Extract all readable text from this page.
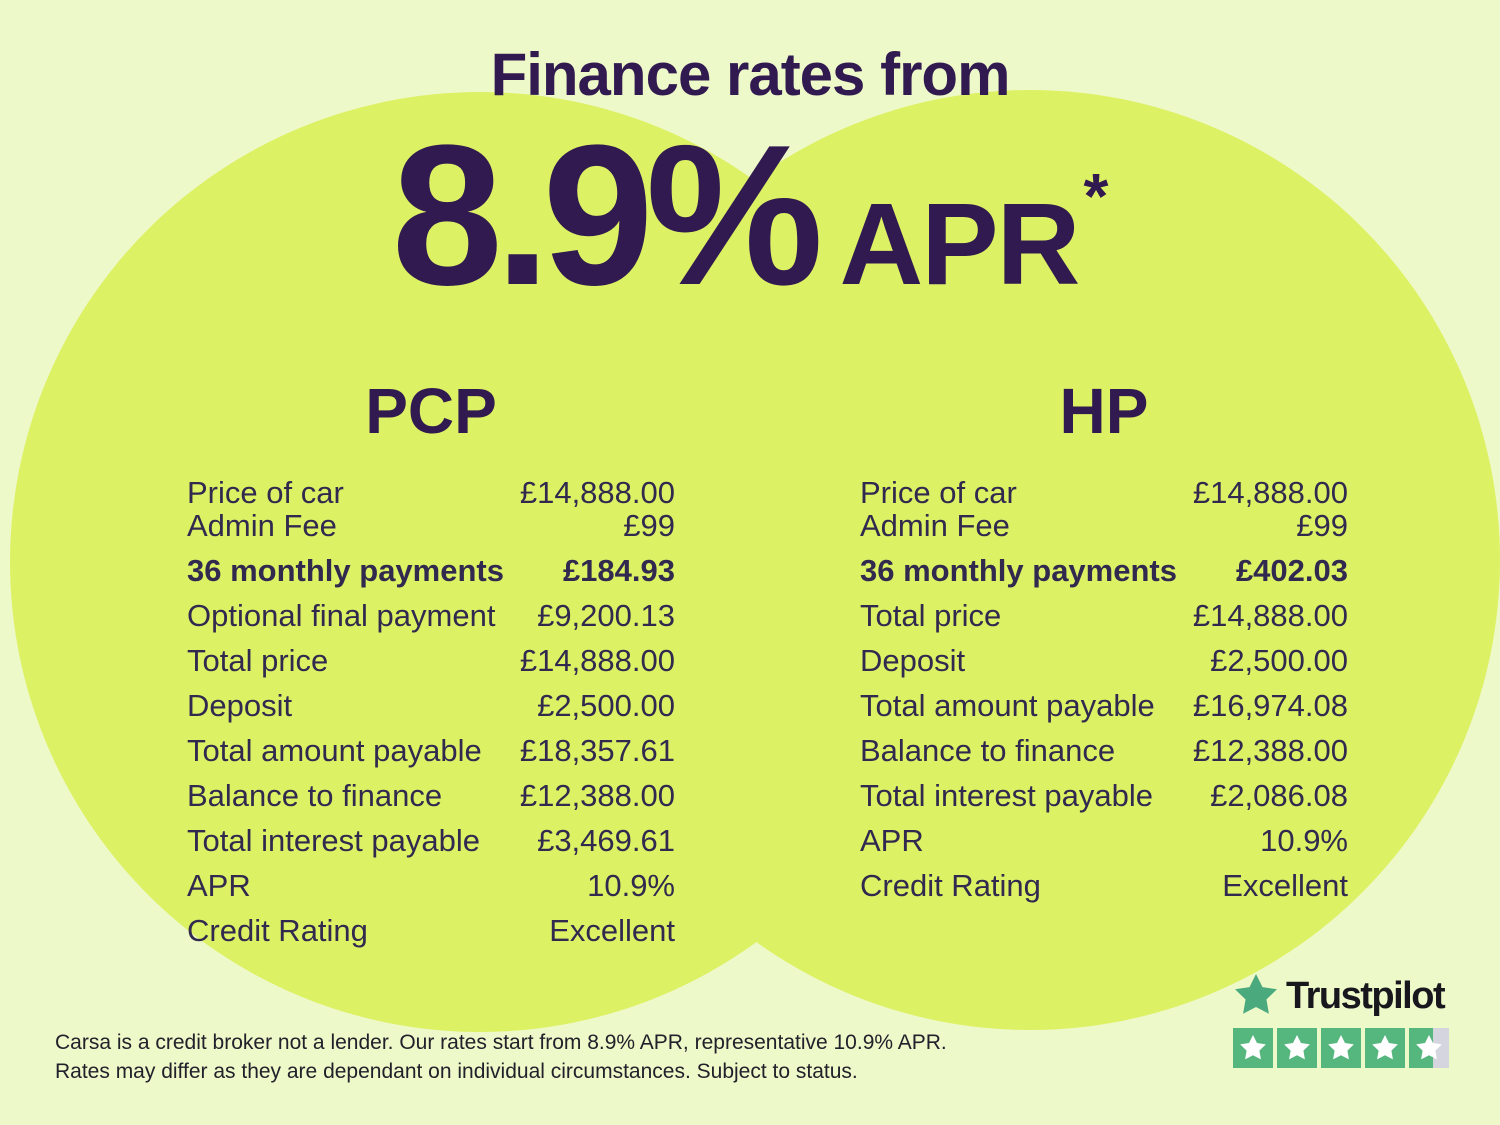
Finance rates from
8.9% APR *
PCP
Price of car	£14,888.00
Admin Fee	£99
36 monthly payments £184.93
Optional final payment £9,200.13
Total price	£14,888.00
Deposit	£2,500.00
Total amount payable £18,357.61
Balance to finance	£12,388.00
Total interest payable £3,469.61
APR	10.9%
Credit Rating	Excellent
HP
Price of car	£14,888.00
Admin Fee	£99
36 monthly payments £402.03
Total price	£14,888.00
Deposit	£2,500.00
Total amount payable £16,974.08
Balance to finance	£12,388.00
Total interest payable £2,086.08
APR	10.9%
Credit Rating	Excellent
Carsa is a credit broker not a lender. Our rates start from 8.9% APR, representative 10.9% APR.
Rates may differ as they are dependant on individual circumstances. Subject to status.
Trustpilot
